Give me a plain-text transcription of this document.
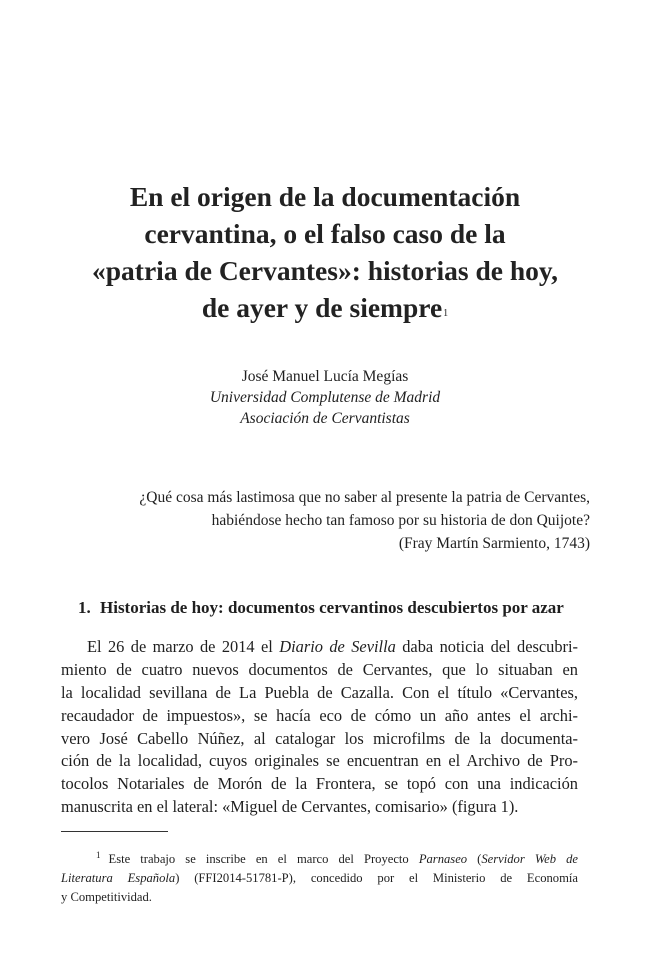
En el origen de la documentación
cervantina, o el falso caso de la
«patria de Cervantes»: historias de hoy,
de ayer y de siempre$^1$
José Manuel Lucía Megías
Universidad Complutense de Madrid
Asociación de Cervantistas
¿Qué cosa más lastimosa que no saber al presente la patria de Cervantes,
habiéndose hecho tan famoso por su historia de don Quijote?
(Fray Martín Sarmiento, 1743)
1. Historias de hoy: documentos cervantinos descubiertos por azar
El 26 de marzo de 2014 el Diario de Sevilla daba noticia del descubri-
miento de cuatro nuevos documentos de Cervantes, que lo situaban en
la localidad sevillana de La Puebla de Cazalla. Con el título «Cervantes,
recaudador de impuestos», se hacía eco de cómo un año antes el archi-
vero José Cabello Núñez, al catalogar los microfilms de la documenta-
ción de la localidad, cuyos originales se encuentran en el Archivo de Pro-
tocolos Notariales de Morón de la Frontera, se topó con una indicación
manuscrita en el lateral: «Miguel de Cervantes, comisario» (figura 1).
$^1$ Este trabajo se inscribe en el marco del Proyecto Parnaseo (Servidor Web de
Literatura Española) (FFI2014-51781-P), concedido por el Ministerio de Economía
y Competitividad.
